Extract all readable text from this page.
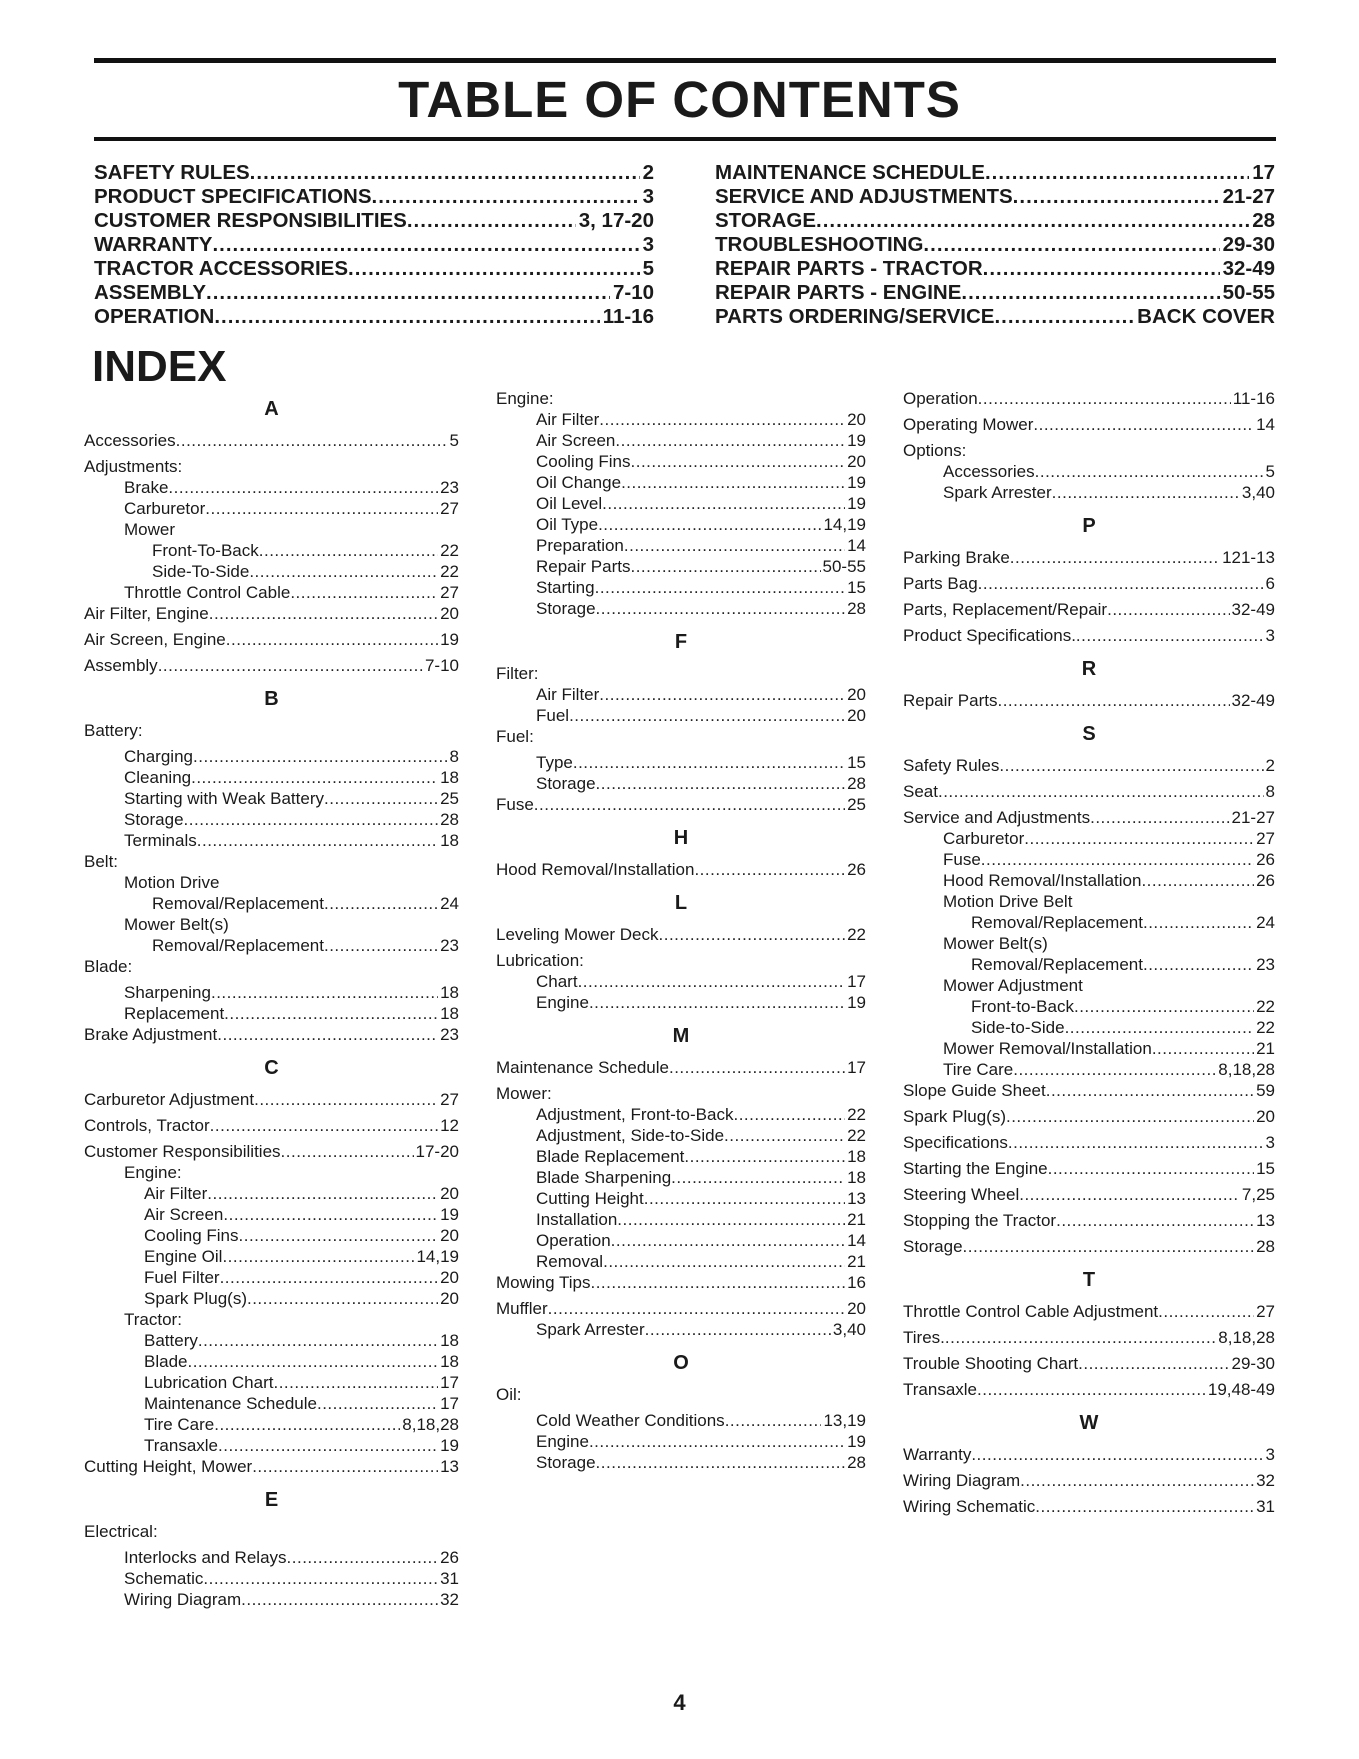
TABLE OF CONTENTS
SAFETY RULES .....	2
PRODUCT SPECIFICATIONS .....	3
CUSTOMER RESPONSIBILITIES .....	3, 17-20
WARRANTY .....	3
TRACTOR ACCESSORIES .....	5
ASSEMBLY .....	7-10
OPERATION .....	11-16
MAINTENANCE SCHEDULE .....	17
SERVICE AND ADJUSTMENTS .....	21-27
STORAGE .....	28
TROUBLESHOOTING .....	29-30
REPAIR PARTS - TRACTOR .....	32-49
REPAIR PARTS - ENGINE .....	50-55
PARTS ORDERING/SERVICE .....	BACK COVER
INDEX
A
Accessories .....	5
Adjustments:
Brake .....	23
Carburetor .....	27
Mower
Front-To-Back .....	22
Side-To-Side .....	22
Throttle Control Cable .....	27
Air Filter, Engine .....	20
Air Screen, Engine .....	19
Assembly .....	7-10
B
Battery:
Charging .....	8
Cleaning .....	18
Starting with Weak Battery .....	25
Storage .....	28
Terminals .....	18
Belt:
Motion Drive
Removal/Replacement .....	24
Mower Belt(s)
Removal/Replacement .....	23
Blade:
Sharpening .....	18
Replacement .....	18
Brake Adjustment .....	23
C
Carburetor Adjustment .....	27
Controls, Tractor .....	12
Customer Responsibilities .....	17-20
Engine:
Air Filter .....	20
Air Screen .....	19
Cooling Fins .....	20
Engine Oil .....	14,19
Fuel Filter .....	20
Spark Plug(s) .....	20
Tractor:
Battery .....	18
Blade .....	18
Lubrication Chart .....	17
Maintenance Schedule .....	17
Tire Care .....	8,18,28
Transaxle .....	19
Cutting Height, Mower .....	13
E
Electrical:
Interlocks and Relays .....	26
Schematic .....	31
Wiring Diagram .....	32
Engine:
Air Filter .....	20
Air Screen .....	19
Cooling Fins .....	20
Oil Change .....	19
Oil Level .....	19
Oil Type .....	14,19
Preparation .....	14
Repair Parts .....	50-55
Starting .....	15
Storage .....	28
F
Filter:
Air Filter .....	20
Fuel .....	20
Fuel:
Type .....	15
Storage .....	28
Fuse .....	25
H
Hood Removal/Installation .....	26
L
Leveling Mower Deck .....	22
Lubrication:
Chart .....	17
Engine .....	19
M
Maintenance Schedule .....	17
Mower:
Adjustment, Front-to-Back .....	22
Adjustment, Side-to-Side .....	22
Blade Replacement .....	18
Blade Sharpening .....	18
Cutting Height .....	13
Installation .....	21
Operation .....	14
Removal .....	21
Mowing Tips .....	16
Muffler .....	20
Spark Arrester .....	3,40
O
Oil:
Cold Weather Conditions .....	13,19
Engine .....	19
Storage .....	28
Operation .....	11-16
Operating Mower .....	14
Options:
Accessories .....	5
Spark Arrester .....	3,40
P
Parking Brake .....	121-13
Parts Bag .....	6
Parts, Replacement/Repair .....	32-49
Product Specifications. .....	3
R
Repair Parts .....	32-49
S
Safety Rules .....	2
Seat .....	8
Service and Adjustments .....	21-27
Carburetor .....	27
Fuse .....	26
Hood Removal/Installation .....	26
Motion Drive Belt
Removal/Replacement .....	24
Mower Belt(s)
Removal/Replacement .....	23
Mower Adjustment
Front-to-Back .....	22
Side-to-Side .....	22
Mower Removal/Installation .....	21
Tire Care .....	8,18,28
Slope Guide Sheet .....	59
Spark Plug(s) .....	20
Specifications .....	3
Starting the Engine .....	15
Steering Wheel .....	7,25
Stopping the Tractor .....	13
Storage .....	28
T
Throttle Control Cable Adjustment .....	27
Tires. .....	8,18,28
Trouble Shooting Chart .....	29-30
Transaxle .....	19,48-49
W
Warranty .....	3
Wiring Diagram .....	32
Wiring Schematic .....	31
4
